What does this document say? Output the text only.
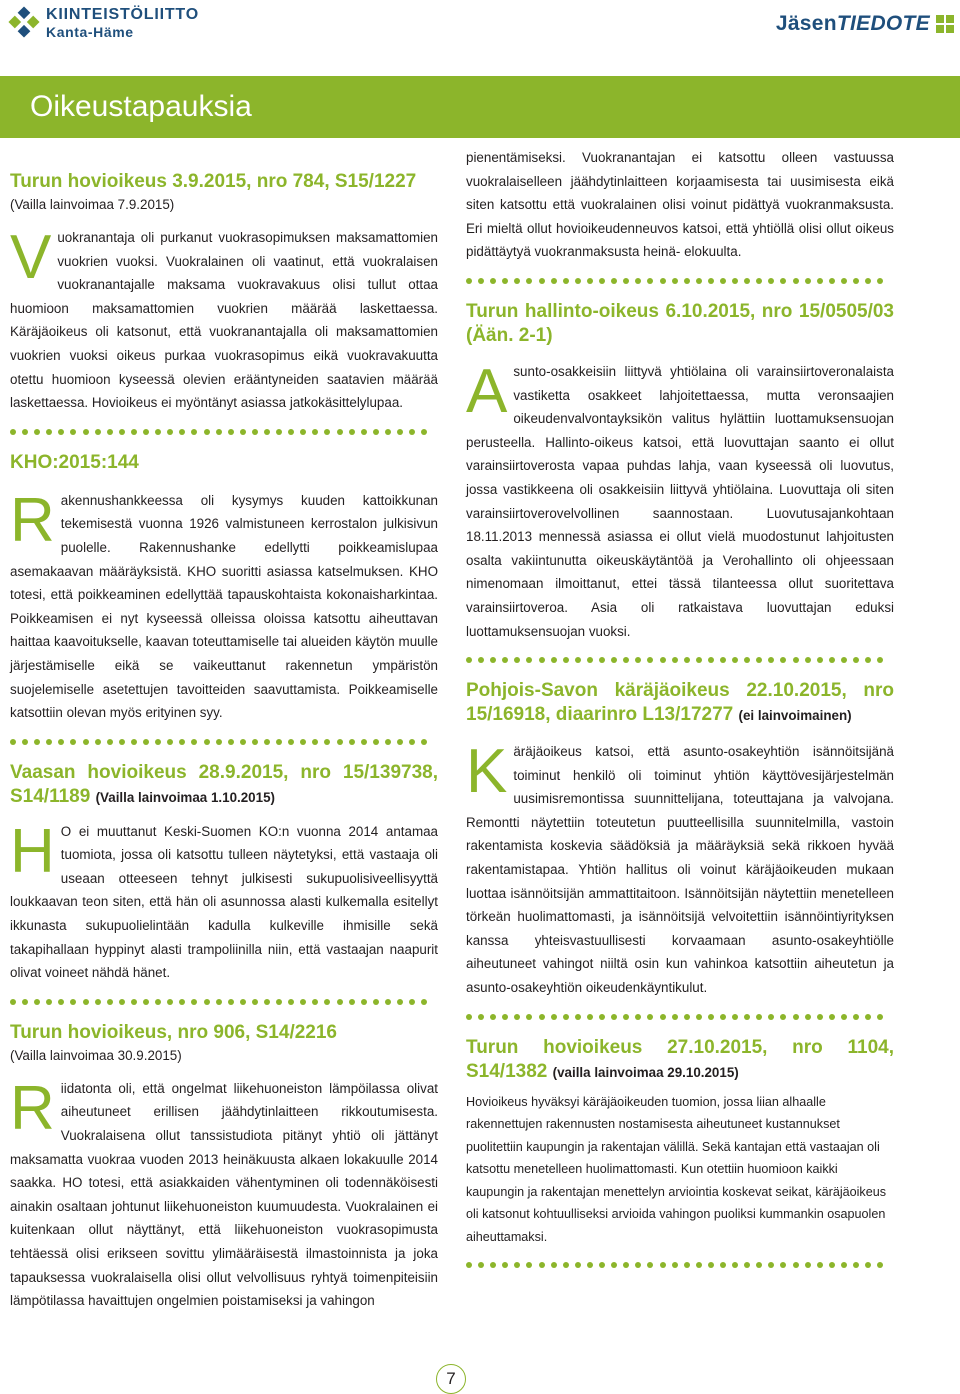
KIINTEISTÖLIITTO
Kanta-Häme	JäsenTIEDOTE
Oikeustapauksia
Turun hovioikeus 3.9.2015, nro 784, S15/1227
(Vailla lainvoimaa 7.9.2015)

Vuokranantaja oli purkanut vuokrasopimuksen maksamattomien vuokrien vuoksi. Vuokralainen oli vaatinut, että vuokralaisen vuokranantajalle maksama vuokravakuus olisi tullut ottaa huomioon maksamattomien vuokrien määrää laskettaessa. Käräjäoikeus oli katsonut, että vuokranantajalla oli maksamattomien vuokrien vuoksi oikeus purkaa vuokrasopimus eikä vuokravakuutta otettu huomioon kyseessä olevien erääntyneiden saatavien määrää laskettaessa. Hovioikeus ei myöntänyt asiassa jatkokäsittelylupaa.

KHO:2015:144

Rakennushankkeessa oli kysymys kuuden kattoikkunan tekemisestä vuonna 1926 valmistuneen kerrostalon julkisivun puolelle. Rakennushanke edellytti poikkeamislupaa asemakaavan määräyksistä. KHO suoritti asiassa katselmuksen. KHO totesi, että poikkeaminen edellyttää tapauskohtaista kokonaisharkintaa. Poikkeamisen ei nyt kyseessä olleissa oloissa katsottu aiheuttavan haittaa kaavoitukselle, kaavan toteuttamiselle tai alueiden käytön muulle järjestämiselle eikä se vaikeuttanut rakennetun ympäristön suojelemiselle asetettujen tavoitteiden saavuttamista. Poikkeamiselle katsottiin olevan myös erityinen syy.

Vaasan hovioikeus 28.9.2015, nro 15/139738, S14/1189 (Vailla lainvoimaa 1.10.2015)

H O ei muuttanut Keski-Suomen KO:n vuonna 2014 antamaa tuomiota, jossa oli katsottu tulleen näytetyksi, että vastaaja oli useaan otteeseen tehnyt julkisesti sukupuolisiveellisyyttä loukkaavan teon siten, että hän oli asunnossa alasti kulkemalla esitellyt ikkunasta sukupuolielintään kadulla kulkeville ihmisille sekä takapihallaan hyppinyt alasti trampoliinilla niin, että vastaajan naapurit olivat voineet nähdä hänet.

Turun hovioikeus, nro 906, S14/2216
(Vailla lainvoimaa 30.9.2015)

Riidatonta oli, että ongelmat liikehuoneiston lämpöilassa olivat aiheutuneet erillisen jäähdytinlaitteen rikkoutumisesta. Vuokralaisena ollut tanssistudiota pitänyt yhtiö oli jättänyt maksamatta vuokraa vuoden 2013 heinäkuusta alkaen lokakuulle 2014 saakka. HO totesi, että asiakkaiden vähentyminen oli todennäköisesti ainakin osaltaan johtunut liikehuoneiston kuumuudesta. Vuokralainen ei kuitenkaan ollut näyttänyt, että liikehuoneiston vuokrasopimusta tehtäessä olisi erikseen sovittu ylimääräisestä ilmastoinnista ja joka tapauksessa vuokralaisella olisi ollut velvollisuus ryhtyä toimenpiteisiin lämpötilassa havaittujen ongelmien poistamiseksi ja vahingon

pienentämiseksi. Vuokranantajan ei katsottu olleen vastuussa vuokralaiselleen jäähdytinlaitteen korjaamisesta tai uusimisesta eikä siten katsottu että vuokralainen olisi voinut pidättyä vuokranmaksusta. Eri mieltä ollut hovioikeudenneuvos katsoi, että yhtiöllä olisi ollut oikeus pidättäytyä vuokranmaksusta heinä- elokuulta.

Turun hallinto-oikeus 6.10.2015, nro 15/0505/03 (Ään. 2-1)

Asunto-osakkeisiin liittyvä yhtiölaina oli varainsiirtoveronalaista vastiketta osakkeet lahjoitettaessa, mutta veronsaajien oikeudenvalvontayksikön valitus hylättiin luottamuksensuojan perusteella. Hallinto-oikeus katsoi, että luovuttajan saanto ei ollut varainsiirtoverosta vapaa puhdas lahja, vaan kyseessä oli luovutus, jossa vastikkeena oli osakkeisiin liittyvä yhtiölaina. Luovuttaja oli siten varainsiirtoverovelvollinen saannostaan. Luovutusajankohtaan 18.11.2013 mennessä asiassa ei ollut vielä muodostunut lahjoitusten osalta vakiintunutta oikeuskäytäntöä ja Verohallinto oli ohjeessaan nimenomaan ilmoittanut, ettei tässä tilanteessa ollut suoritettava varainsiirtoveroa. Asia oli ratkaistava luovuttajan eduksi luottamuksensuojan vuoksi.

Pohjois-Savon käräjäoikeus 22.10.2015, nro 15/16918, diaarinro L13/17277 (ei lainvoimainen)

Käräjäoikeus katsoi, että asunto-osakeyhtiön isännöitsijänä toiminut henkilö oli toiminut yhtiön käyttövesijärjestelmän uusimisremontissa suunnittelijana, toteuttajana ja valvojana. Remontti näytettiin toteutetun puutteellisilla suunnitelmilla, vastoin rakentamista koskevia säädöksiä ja määräyksiä sekä rikkoen hyvää rakentamistapaa. Yhtiön hallitus oli voinut käräjäoikeuden mukaan luottaa isännöitsijän ammattitaitoon. Isännöitsijän näytettiin menetelleen törkeän huolimattomasti, ja isännöitsijä velvoitettiin isännöintiyrityksen kanssa yhteisvastuullisesti korvaamaan asunto-osakeyhtiölle aiheutuneet vahingot niiltä osin kun vahinkoa katsottiin aiheutetun ja asunto-osakeyhtiön oikeudenkäyntikulut.

Turun hovioikeus 27.10.2015, nro 1104, S14/1382 (vailla lainvoimaa 29.10.2015)

Hovioikeus hyväksyi käräjäoikeuden tuomion, jossa liian alhaalle rakennettujen rakennusten nostamisesta aiheutuneet kustannukset puolitettiin kaupungin ja rakentajan välillä. Sekä kantajan että vastaajan oli katsottu menetelleen huolimattomasti. Kun otettiin huomioon kaikki kaupungin ja rakentajan menettelyn arviointia koskevat seikat, käräjäoikeus oli katsonut kohtuulliseksi arvioida vahingon puoliksi kummankin osapuolen aiheuttamaksi.

7
